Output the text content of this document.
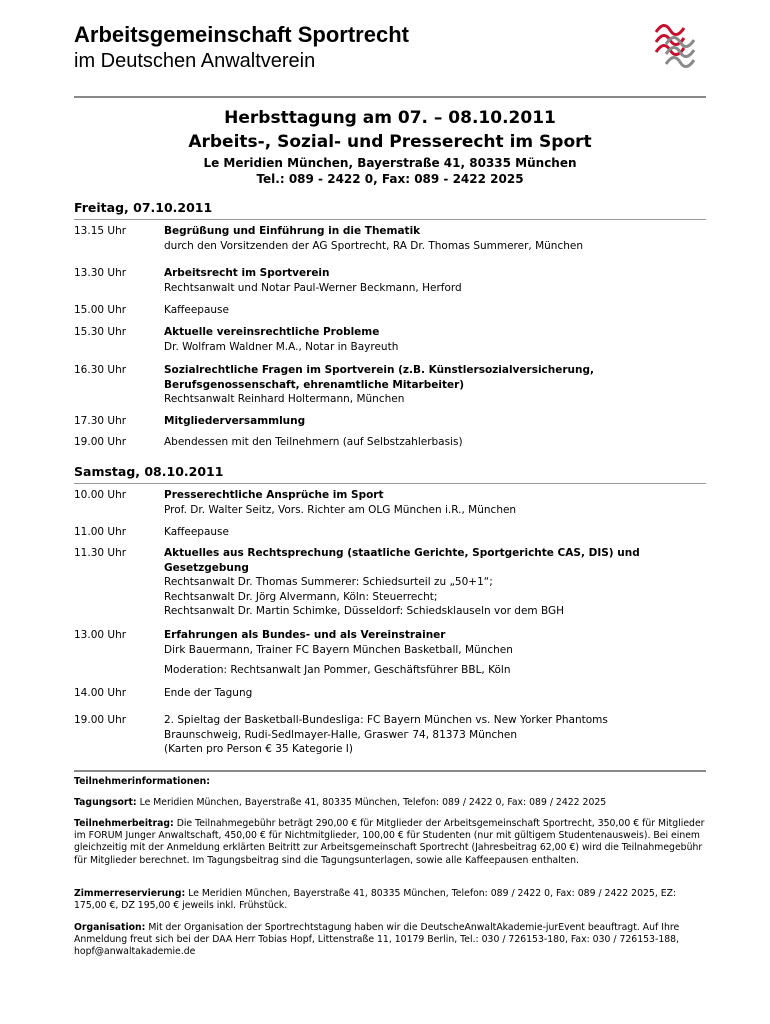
Arbeitsgemeinschaft Sportrecht
im Deutschen Anwaltverein
Herbsttagung am 07. – 08.10.2011
Arbeits-, Sozial- und Presserecht im Sport
Le Meridien München, Bayerstraße 41, 80335 München
Tel.: 089 - 2422 0, Fax: 089 - 2422 2025
Freitag, 07.10.2011
13.15 Uhr	Begrüßung und Einführung in die Thematik
durch den Vorsitzenden der AG Sportrecht, RA Dr. Thomas Summerer, München
13.30 Uhr	Arbeitsrecht im Sportverein
Rechtsanwalt und Notar Paul-Werner Beckmann, Herford
15.00 Uhr	Kaffeepause
15.30 Uhr	Aktuelle vereinsrechtliche Probleme
Dr. Wolfram Waldner M.A., Notar in Bayreuth
16.30 Uhr	Sozialrechtliche Fragen im Sportverein (z.B. Künstlersozialversicherung, Berufsgenossenschaft, ehrenamtliche Mitarbeiter)
Rechtsanwalt Reinhard Holtermann, München
17.30 Uhr	Mitgliederversammlung
19.00 Uhr	Abendessen mit den Teilnehmern (auf Selbstzahlerbasis)
Samstag, 08.10.2011
10.00 Uhr	Presserechtliche Ansprüche im Sport
Prof. Dr. Walter Seitz, Vors. Richter am OLG München i.R., München
11.00 Uhr	Kaffeepause
11.30 Uhr	Aktuelles aus Rechtsprechung (staatliche Gerichte, Sportgerichte CAS, DIS) und Gesetzgebung
Rechtsanwalt Dr. Thomas Summerer: Schiedsurteil zu „50+1“;
Rechtsanwalt Dr. Jörg Alvermann, Köln: Steuerrecht;
Rechtsanwalt Dr. Martin Schimke, Düsseldorf: Schiedsklauseln vor dem BGH
13.00 Uhr	Erfahrungen als Bundes- und als Vereinstrainer
Dirk Bauermann, Trainer FC Bayern München Basketball, München
Moderation: Rechtsanwalt Jan Pommer, Geschäftsführer BBL, Köln
14.00 Uhr	Ende der Tagung
19.00 Uhr	2. Spieltag der Basketball-Bundesliga: FC Bayern München vs. New Yorker Phantoms
Braunschweig, Rudi-Sedlmayer-Halle, Graswег 74, 81373 München
(Karten pro Person € 35 Kategorie I)
Teilnehmerinformationen:
Tagungsort: Le Meridien München, Bayerstraße 41, 80335 München, Telefon: 089 / 2422 0, Fax: 089 / 2422 2025
Teilnehmerbeitrag: Die Teilnahmegebühr beträgt 290,00 € für Mitglieder der Arbeitsgemeinschaft Sportrecht, 350,00 € für Mitglieder im FORUM Junger Anwaltschaft, 450,00 € für Nichtmitglieder, 100,00 € für Studenten (nur mit gültigem Studentenausweis). Bei einem gleichzeitig mit der Anmeldung erklärten Beitritt zur Arbeitsgemeinschaft Sportrecht (Jahresbeitrag 62,00 €) wird die Teilnahmegebühr für Mitglieder berechnet. Im Tagungsbeitrag sind die Tagungsunterlagen, sowie alle Kaffeepausen enthalten.
Zimmerreservierung: Le Meridien München, Bayerstraße 41, 80335 München, Telefon: 089 / 2422 0, Fax: 089 / 2422 2025, EZ: 175,00 €, DZ 195,00 € jeweils inkl. Frühstück.
Organisation: Mit der Organisation der Sportrechtstagung haben wir die DeutscheAnwaltAkademie-jurEvent beauftragt. Auf Ihre Anmeldung freut sich bei der DAA Herr Tobias Hopf, Littenstraße 11, 10179 Berlin, Tel.: 030 / 726153-180, Fax: 030 / 726153-188, hopf@anwaltakademie.de
